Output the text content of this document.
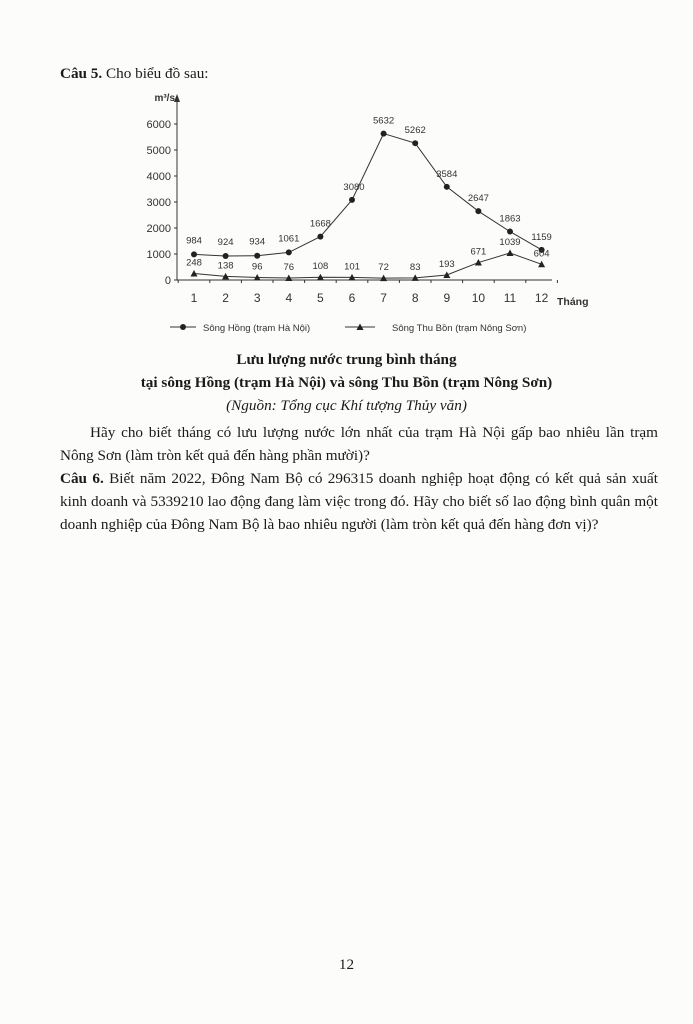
Câu 5. Cho biểu đồ sau:
m³/s
0
1000
2000
3000
4000
5000
6000
1 2 3 4 5 6 7 8 9 10 11 12 Tháng
984 924 934 1061
1668
3080
5632
5262
3584
2647
1863
1159
248 138 96 76 108 101 72 83 193
671
1039
604
Sông Hồng (trạm Hà Nội)	Sông Thu Bồn (trạm Nông Sơn)
Lưu lượng nước trung bình tháng
tại sông Hồng (trạm Hà Nội) và sông Thu Bồn (trạm Nông Sơn)
(Nguồn: Tổng cục Khí tượng Thủy văn)
Hãy cho biết tháng có lưu lượng nước lớn nhất của trạm Hà Nội gấp bao nhiêu lần trạm Nông Sơn (làm tròn kết quả đến hàng phần mười)?
Câu 6. Biết năm 2022, Đông Nam Bộ có 296315 doanh nghiệp hoạt động có kết quả sản xuất kinh doanh và 5339210 lao động đang làm việc trong đó. Hãy cho biết số lao động bình quân một doanh nghiệp của Đông Nam Bộ là bao nhiêu người (làm tròn kết quả đến hàng đơn vị)?
12
